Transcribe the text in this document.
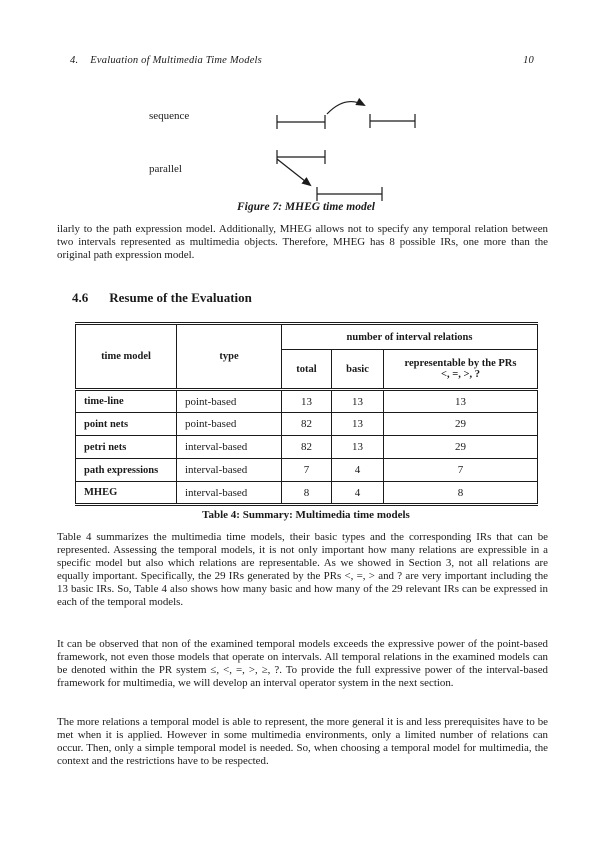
4. Evaluation of Multimedia Time Models	10
sequence
parallel
Figure 7: MHEG time model
ilarly to the path expression model. Additionally, MHEG allows not to specify any temporal relation between two intervals represented as multimedia objects. Therefore, MHEG has 8 possible IRs, one more than the original path expression model.
4.6 Resume of the Evaluation
time model	type	number of interval relations		
		total	basic	representable by the PRs
<, =, >, ?

time-line	point-based	13	13	13
point nets	point-based	82	13	29
petri nets	interval-based	82	13	29
path expressions	interval-based	7	4	7
MHEG	interval-based	8	4	8
Table 4: Summary: Multimedia time models
Table 4 summarizes the multimedia time models, their basic types and the corresponding IRs that can be represented. Assessing the temporal models, it is not only important how many relations are expressible in a specific model but also which relations are representable. As we showed in Section 3, not all relations are equally important. Specifically, the 29 IRs generated by the PRs <, =, > and ? are very important including the 13 basic IRs. So, Table 4 also shows how many basic and how many of the 29 relevant IRs can be expressed in each of the temporal models.
It can be observed that non of the examined temporal models exceeds the expressive power of the point-based framework, not even those models that operate on intervals. All temporal relations in the examined models can be denoted within the PR system ≤, <, =, >, ≥, ?. To provide the full expressive power of the interval-based framework for multimedia, we will develop an interval operator system in the next section.
The more relations a temporal model is able to represent, the more general it is and less prerequisites have to be met when it is applied. However in some multimedia environments, only a limited number of relations can occur. Then, only a simple temporal model is needed. So, when choosing a temporal model for multimedia, the context and the restrictions have to be respected.
